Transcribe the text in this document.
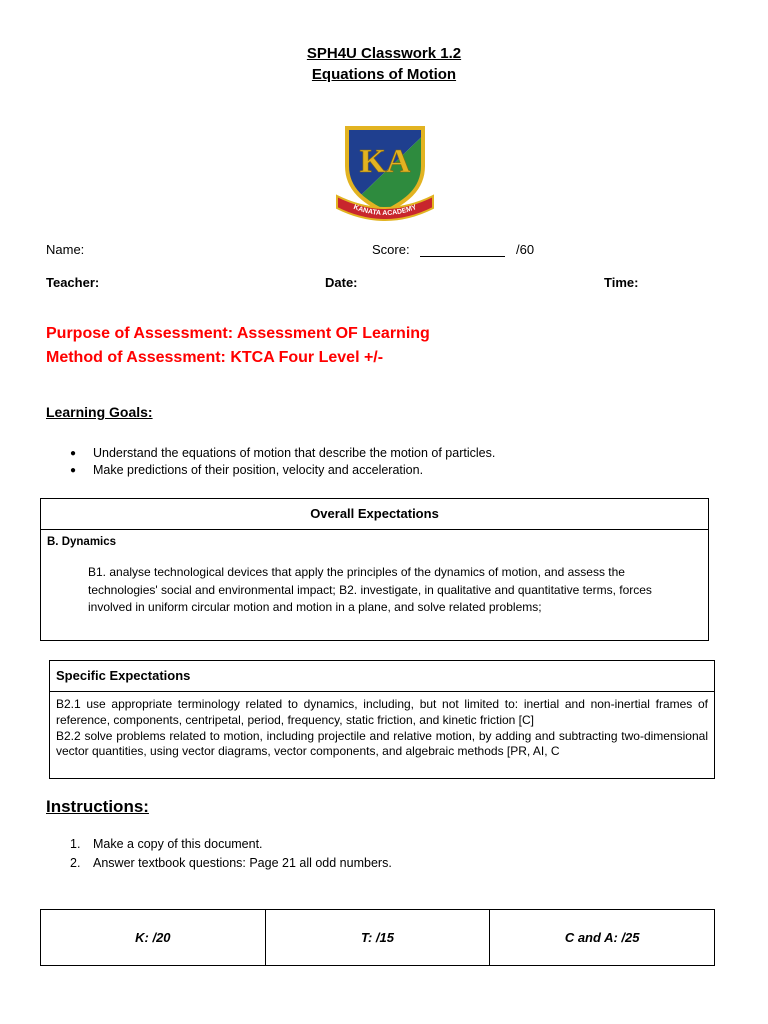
SPH4U Classwork 1.2
Equations of Motion
KA
KANATA ACADEMY
Name:	Score:	/60
Teacher:	Date:	Time:
Purpose of Assessment: Assessment OF Learning
Method of Assessment: KTCA Four Level +/-
Learning Goals:
● Understand the equations of motion that describe the motion of particles.
● Make predictions of their position, velocity and acceleration.
Overall Expectations
B. Dynamics
B1. analyse technological devices that apply the principles of the dynamics of motion, and assess the technologies' social and environmental impact; B2. investigate, in qualitative and quantitative terms, forces involved in uniform circular motion and motion in a plane, and solve related problems;
Specific Expectations
B2.1 use appropriate terminology related to dynamics, including, but not limited to: inertial and non-inertial frames of reference, components, centripetal, period, frequency, static friction, and kinetic friction [C]
B2.2 solve problems related to motion, including projectile and relative motion, by adding and subtracting two-dimensional vector quantities, using vector diagrams, vector components, and algebraic methods [PR, AI, C
Instructions:
1. Make a copy of this document.
2. Answer textbook questions: Page 21 all odd numbers.
K: /20	T: /15	C and A: /25
